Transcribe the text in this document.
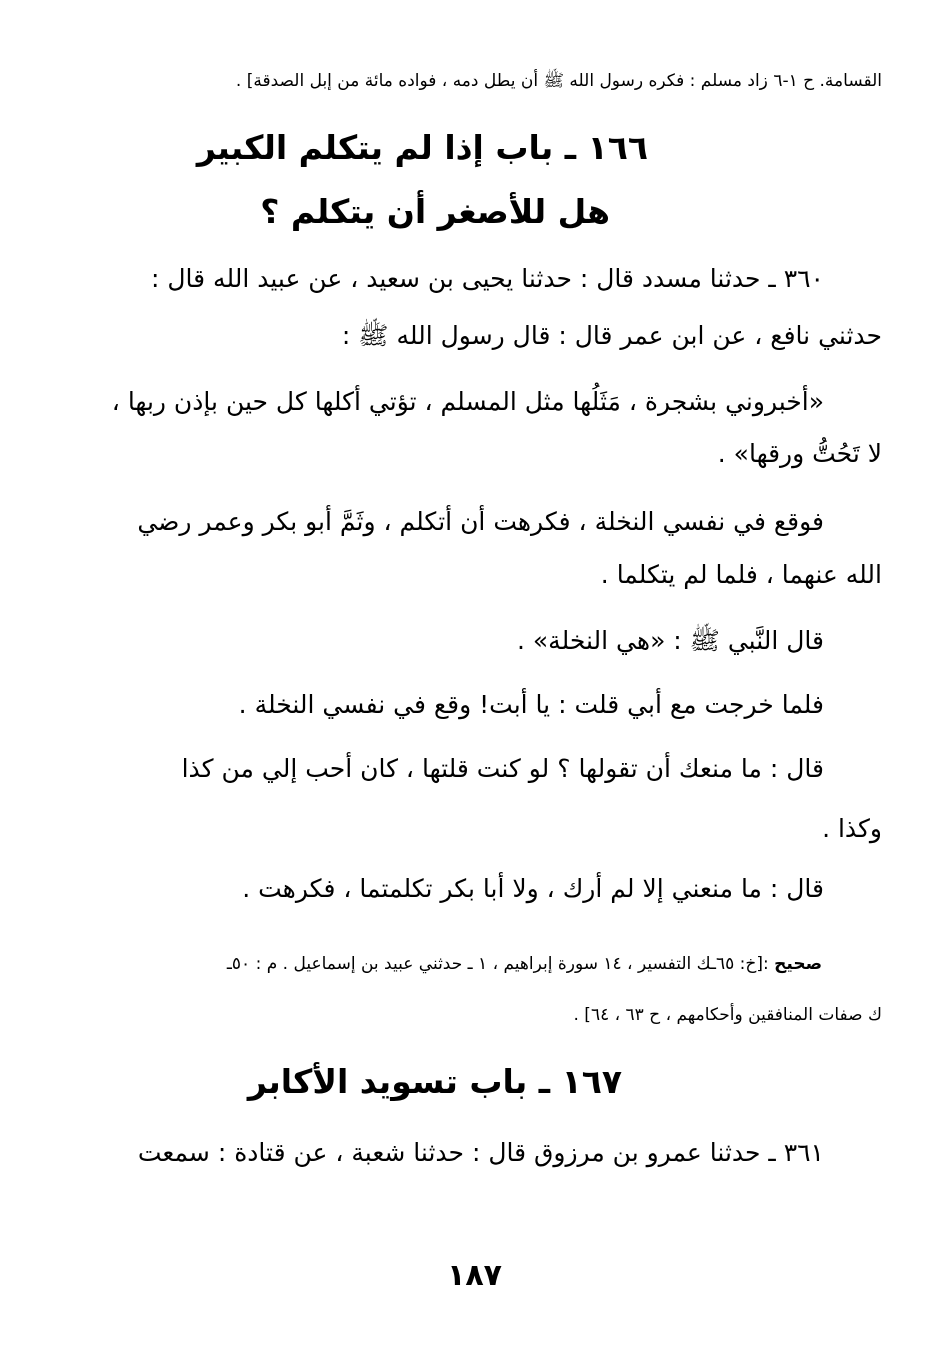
القسامة. ح ١-٦ زاد مسلم : فكره رسول الله ﷺ أن يطل دمه ، فواده مائة من إبل الصدقة] .
١٦٦ ـ باب إذا لم يتكلم الكبير
هل للأصغر أن يتكلم ؟
٣٦٠ ـ حدثنا مسدد قال : حدثنا يحيى بن سعيد ، عن عبيد الله قال :
حدثني نافع ، عن ابن عمر قال : قال رسول الله ﷺ :
«أخبروني بشجرة ، مَثَلُها مثل المسلم ، تؤتي أكلها كل حين بإذن ربها ،
لا تَحُتُّ ورقها» .
فوقع في نفسي النخلة ، فكرهت أن أتكلم ، وثَمَّ أبو بكر وعمر رضي
الله عنهما ، فلما لم يتكلما .
قال النَّبي ﷺ : «هي النخلة» .
فلما خرجت مع أبي قلت : يا أبت! وقع في نفسي النخلة .
قال : ما منعك أن تقولها ؟ لو كنت قلتها ، كان أحب إلي من كذا
وكذا .
قال : ما منعني إلا لم أرك ، ولا أبا بكر تكلمتما ، فكرهت .
صحيح :[خ: ٦٥ـك التفسير ، ١٤ سورة إبراهيم ، ١ ـ حدثني عبيد بن إسماعيل . م : ٥٠ـ
ك صفات المنافقين وأحكامهم ، ح ٦٣ ، ٦٤] .
١٦٧ ـ باب تسويد الأكابر
٣٦١ ـ حدثنا عمرو بن مرزوق قال : حدثنا شعبة ، عن قتادة : سمعت
١٨٧
